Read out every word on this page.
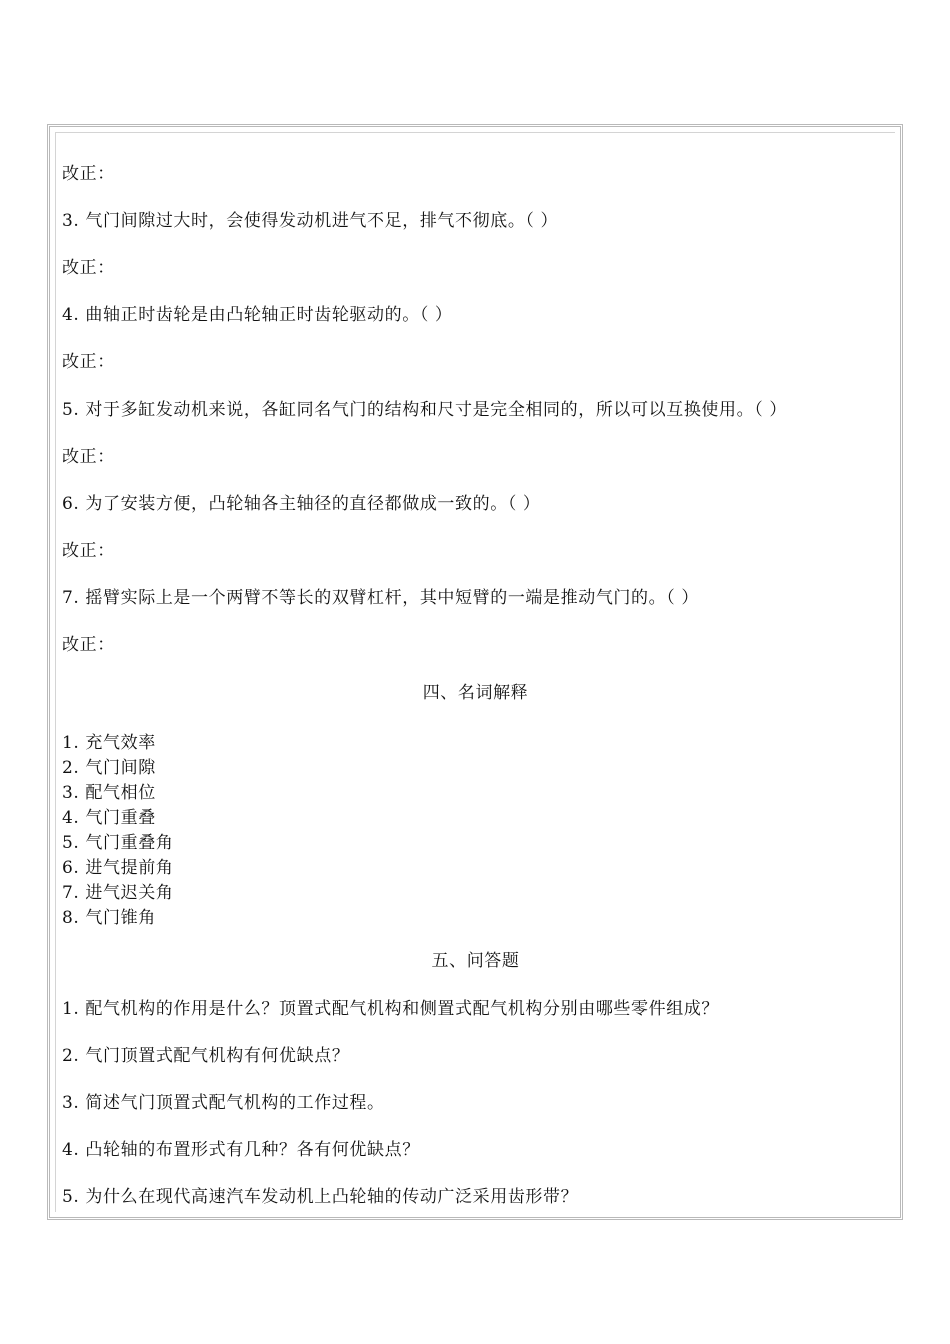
改正：
3. 气门间隙过大时，会使得发动机进气不足，排气不彻底。（ ）
改正：
4. 曲轴正时齿轮是由凸轮轴正时齿轮驱动的。（ ）
改正：
5. 对于多缸发动机来说，各缸同名气门的结构和尺寸是完全相同的，所以可以互换使用。（ ）
改正：
6. 为了安装方便，凸轮轴各主轴径的直径都做成一致的。（ ）
改正：
7. 摇臂实际上是一个两臂不等长的双臂杠杆，其中短臂的一端是推动气门的。（ ）
改正：
四、名词解释
1. 充气效率
2. 气门间隙
3. 配气相位
4. 气门重叠
5. 气门重叠角
6. 进气提前角
7. 进气迟关角
8. 气门锥角
五、问答题
1. 配气机构的作用是什么？顶置式配气机构和侧置式配气机构分别由哪些零件组成？
2. 气门顶置式配气机构有何优缺点？
3. 简述气门顶置式配气机构的工作过程。
4. 凸轮轴的布置形式有几种？各有何优缺点？
5. 为什么在现代高速汽车发动机上凸轮轴的传动广泛采用齿形带？
